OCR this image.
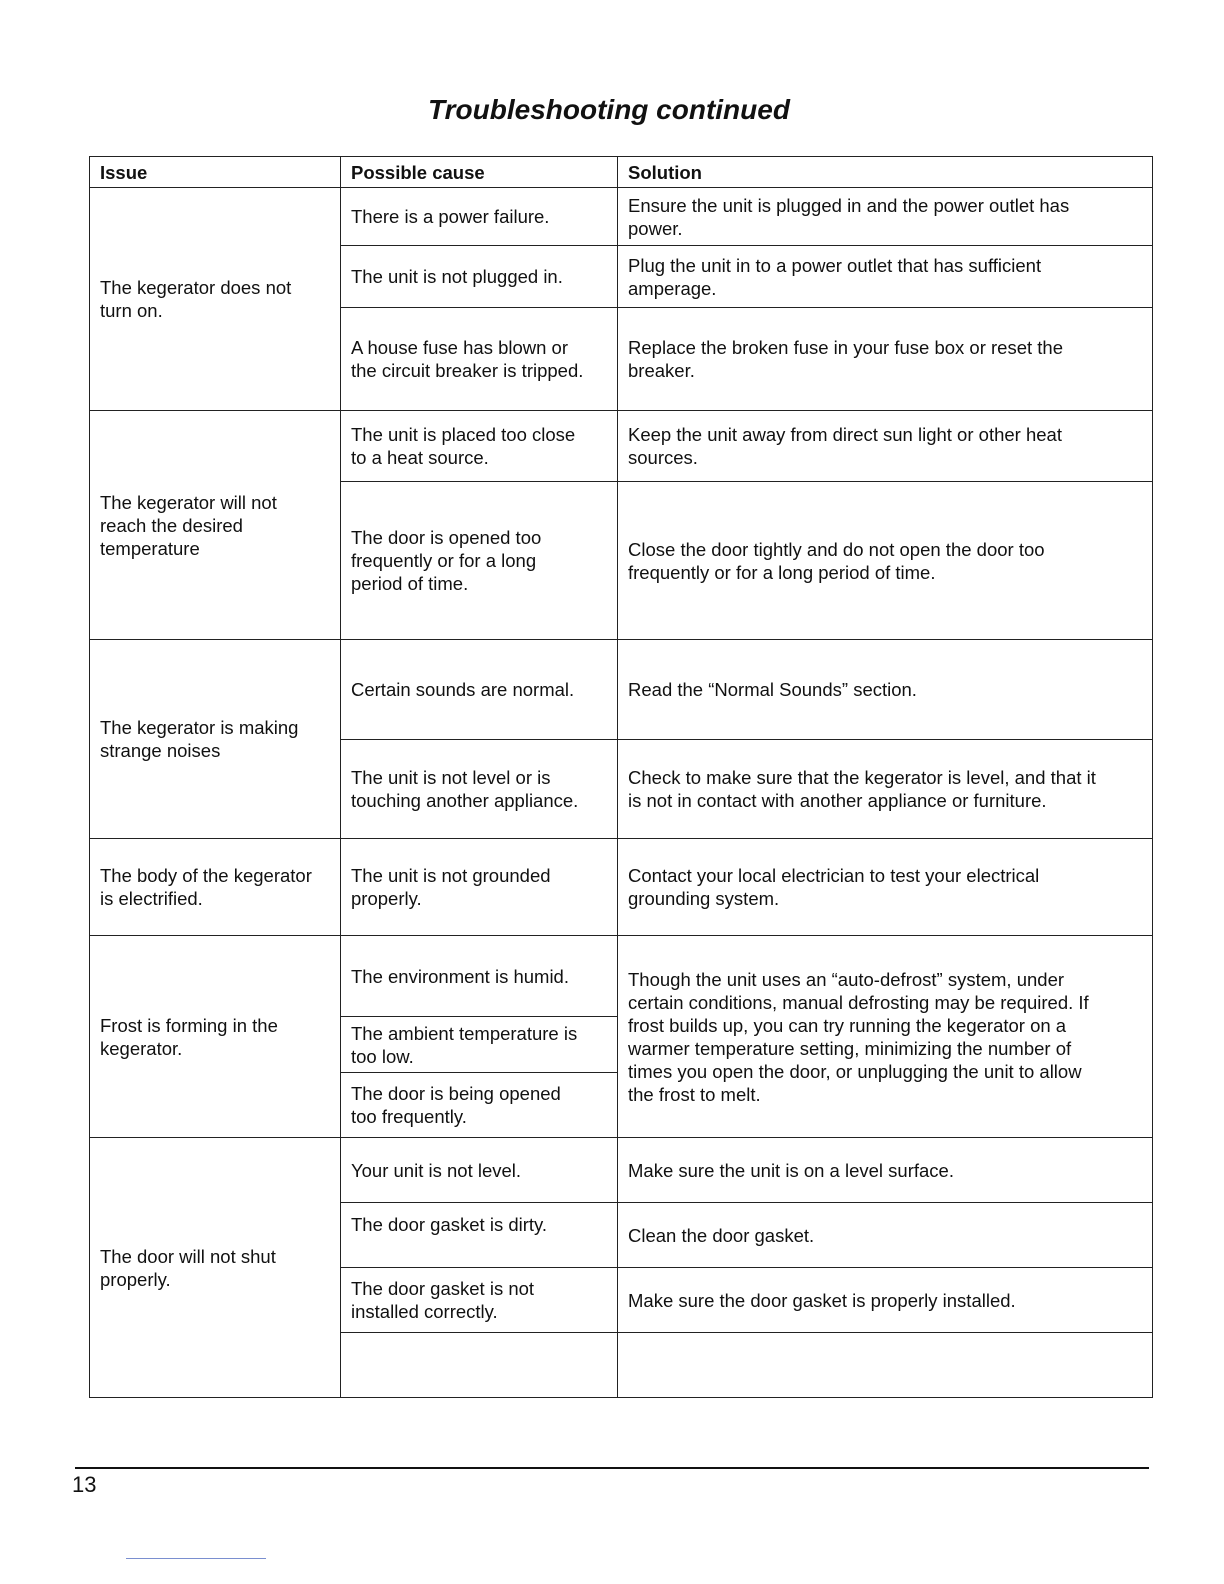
Troubleshooting continued
Issue	Possible cause	Solution
The kegerator does not
turn on.
The kegerator will not
reach the desired
temperature
The kegerator is making
strange noises
The body of the kegerator
is electrified.
Frost is forming in the
kegerator.
The door will not shut
properly.
There is a power failure.
The unit is not plugged in.
A house fuse has blown or
the circuit breaker is tripped.
The unit is placed too close
to a heat source.
The door is opened too
frequently or for a long
period of time.
Certain sounds are normal.
The unit is not level or is
touching another appliance.
The unit is not grounded
properly.
The environment is humid.
The ambient temperature is
too low.
The door is being opened
too frequently.
Your unit is not level.
The door gasket is dirty.
The door gasket is not
installed correctly.
Ensure the unit is plugged in and the power outlet has
power.
Plug the unit in to a power outlet that has sufficient
amperage.
Replace the broken fuse in your fuse box or reset the
breaker.
Keep the unit away from direct sun light or other heat
sources.
Close the door tightly and do not open the door too
frequently or for a long period of time.
Read the “Normal Sounds” section.
Check to make sure that the kegerator is level, and that it
is not in contact with another appliance or furniture.
Contact your local electrician to test your electrical
grounding system.
Though the unit uses an “auto-defrost” system, under
certain conditions, manual defrosting may be required. If
frost builds up, you can try running the kegerator on a
warmer temperature setting, minimizing the number of
times you open the door, or unplugging the unit to allow
the frost to melt.
Make sure the unit is on a level surface.
Clean the door gasket.
Make sure the door gasket is properly installed.
13
